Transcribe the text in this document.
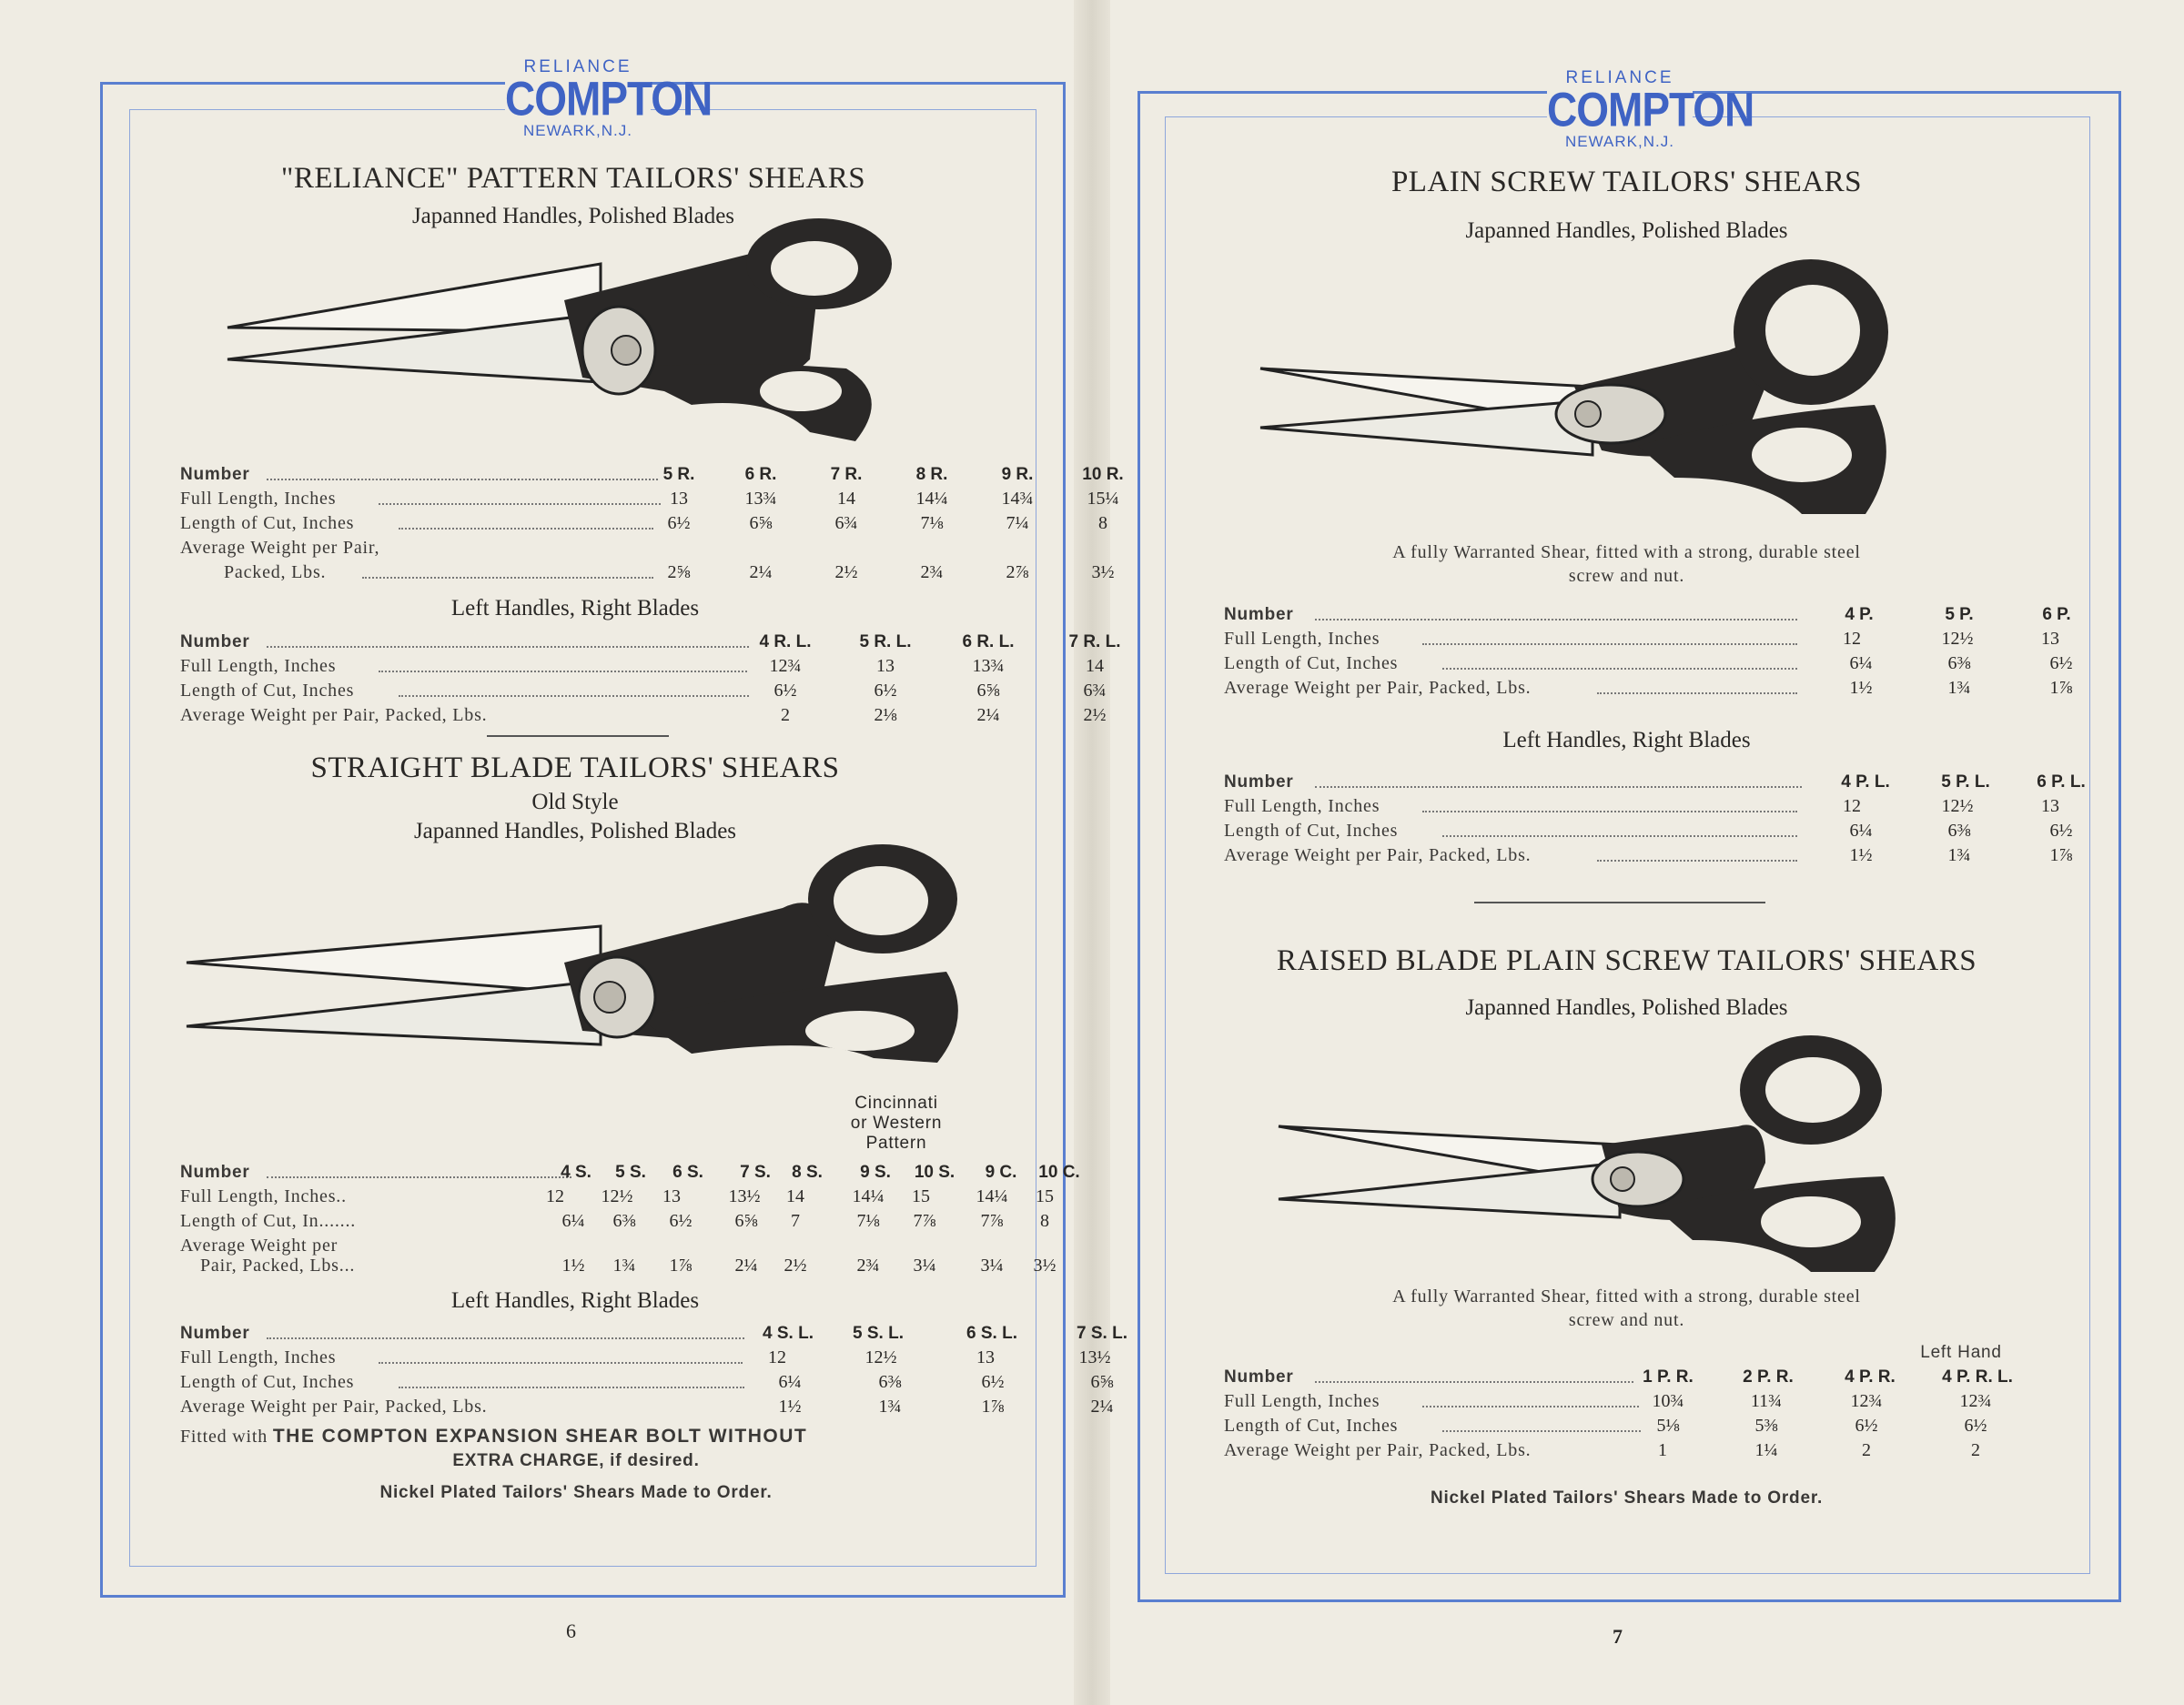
RELIANCE
COMPTON
NEWARK,N.J.
"RELIANCE" PATTERN TAILORS' SHEARS
Japanned Handles, Polished Blades
Number	5 R.	6 R.	7 R.	8 R.	9 R.	10 R.
Full Length, Inches	13	13¾	14	14¼	14¾	15¼
Length of Cut, Inches	6½	6⅝	6¾	7⅛	7¼	8
Average Weight per Pair,
Packed, Lbs.	2⅝	2¼	2½	2¾	2⅞	3½
Left Handles, Right Blades
Number	4 R. L.	5 R. L.	6 R. L.	7 R. L.
Full Length, Inches	12¾	13	13¾	14
Length of Cut, Inches	6½	6½	6⅝	6¾
Average Weight per Pair, Packed, Lbs.	2	2⅛	2¼	2½
STRAIGHT BLADE TAILORS' SHEARS
Old Style
Japanned Handles, Polished Blades
Cincinnati
or Western
Pattern
Number	4 S.	5 S.	6 S.	7 S.	8 S.	9 S.	10 S.	9 C.	10 C.
Full Length, Inches..	12	12½	13	13½	14	14¼	15	14¼	15
Length of Cut, In.......	6¼	6⅜	6½	6⅝	7	7⅛	7⅞	7⅞	8
Average Weight per
Pair, Packed, Lbs...	1½	1¾	1⅞	2¼	2½	2¾	3¼	3¼	3½
Left Handles, Right Blades
Number	4 S. L.	5 S. L.	6 S. L.	7 S. L.
Full Length, Inches	12	12½	13	13½
Length of Cut, Inches	6¼	6⅜	6½	6⅝
Average Weight per Pair, Packed, Lbs.	1½	1¾	1⅞	2¼
Fitted with THE COMPTON EXPANSION SHEAR BOLT WITHOUT
EXTRA CHARGE, if desired.
Nickel Plated Tailors' Shears Made to Order.
6
RELIANCE
COMPTON
NEWARK,N.J.
PLAIN SCREW TAILORS' SHEARS
Japanned Handles, Polished Blades
A fully Warranted Shear, fitted with a strong, durable steel
screw and nut.
Number	4 P.	5 P.	6 P.
Full Length, Inches	12	12½	13
Length of Cut, Inches	6¼	6⅜	6½
Average Weight per Pair, Packed, Lbs.	1½	1¾	1⅞
Left Handles, Right Blades
Number	4 P. L.	5 P. L.	6 P. L.
Full Length, Inches	12	12½	13
Length of Cut, Inches	6¼	6⅜	6½
Average Weight per Pair, Packed, Lbs.	1½	1¾	1⅞
RAISED BLADE PLAIN SCREW TAILORS' SHEARS
Japanned Handles, Polished Blades
A fully Warranted Shear, fitted with a strong, durable steel
screw and nut.
Left Hand
Number	1 P. R.	2 P. R.	4 P. R.	4 P. R. L.
Full Length, Inches	10¾	11¾	12¾	12¾
Length of Cut, Inches	5⅛	5⅜	6½	6½
Average Weight per Pair, Packed, Lbs.	1	1¼	2	2
Nickel Plated Tailors' Shears Made to Order.
7
